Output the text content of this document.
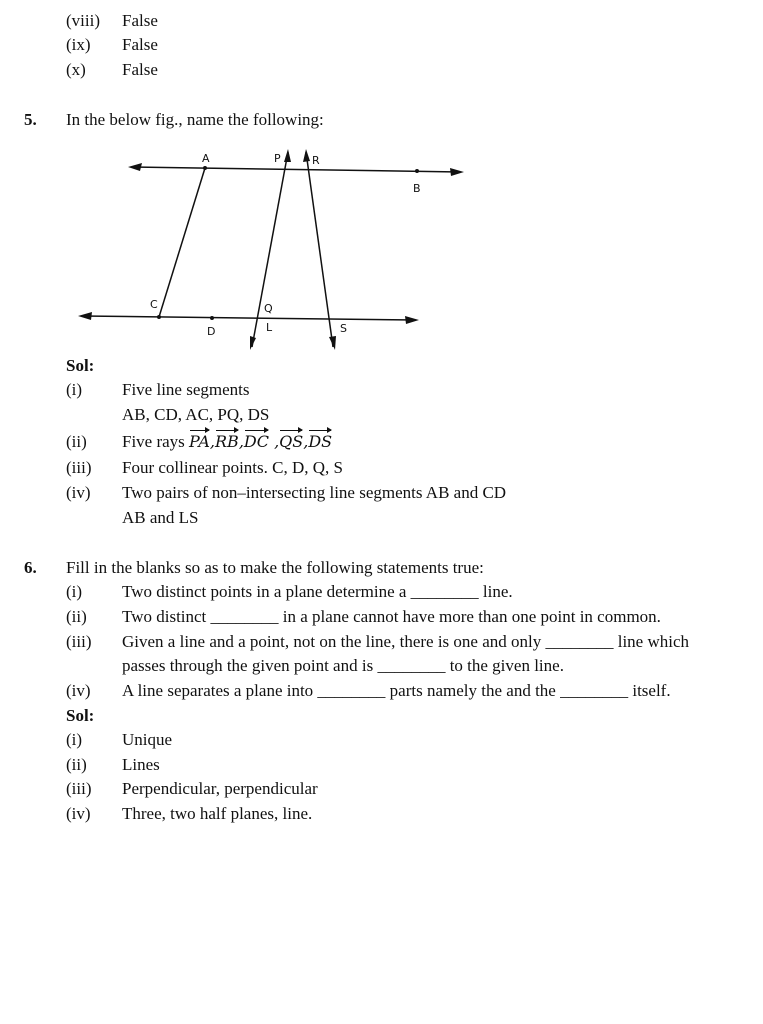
(viii) False
(ix) False
(x) False
5. In the below fig., name the following:
A	P	R
B
C
D
Q
L	S
Sol:
(i) Five line segments
AB, CD, AC, PQ, DS
(ii) Five rays PA,RB,DC ,QS,DS
(iii) Four collinear points. C, D, Q, S
(iv) Two pairs of non–intersecting line segments AB and CD
AB and LS
6. Fill in the blanks so as to make the following statements true:
(i) Two distinct points in a plane determine a ________ line.
(ii) Two distinct ________ in a plane cannot have more than one point in common.
(iii) Given a line and a point, not on the line, there is one and only ________ line which
passes through the given point and is ________ to the given line.
(iv) A line separates a plane into ________ parts namely the and the ________ itself.
Sol:
(i) Unique
(ii) Lines
(iii) Perpendicular, perpendicular
(iv) Three, two half planes, line.
